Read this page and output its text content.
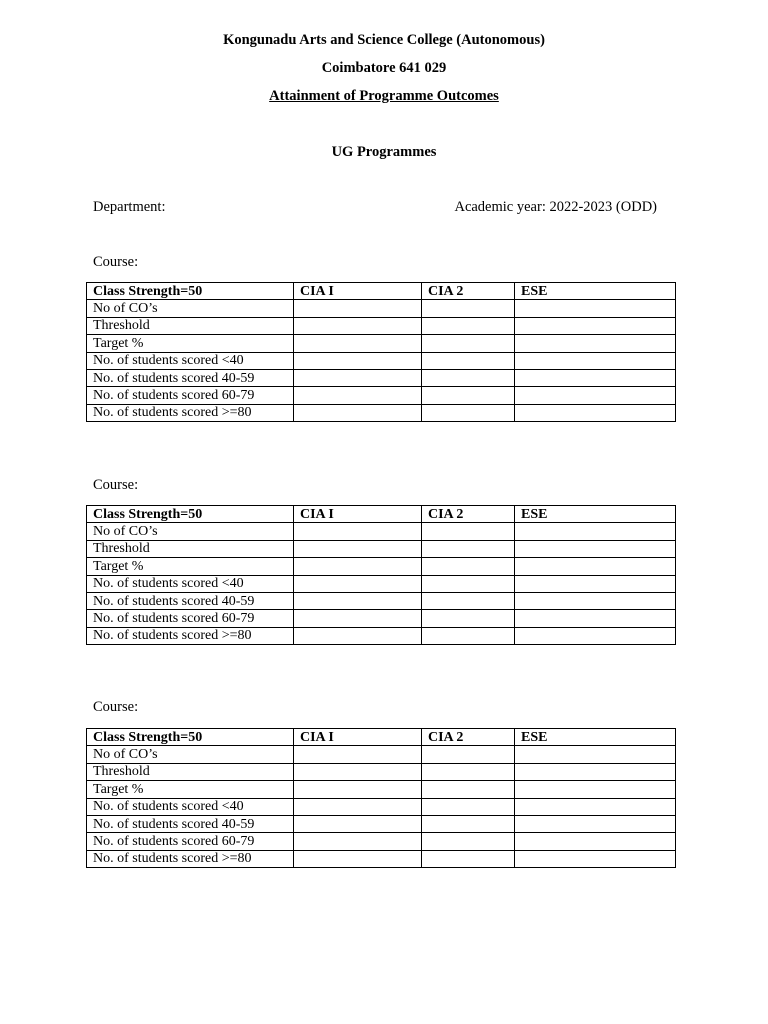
Kongunadu Arts and Science College (Autonomous)
Coimbatore 641 029
Attainment of Programme Outcomes
UG Programmes
Department:	Academic year: 2022-2023 (ODD)
Course:
Class Strength=50	CIA I	CIA 2	ESE
No of CO’s			
Threshold			
Target %			
No. of students scored <40			
No. of students scored 40-59			
No. of students scored 60-79			
No. of students scored >=80			
Course:
Class Strength=50	CIA I	CIA 2	ESE
No of CO’s			
Threshold			
Target %			
No. of students scored <40			
No. of students scored 40-59			
No. of students scored 60-79			
No. of students scored >=80			
Course:
Class Strength=50	CIA I	CIA 2	ESE
No of CO’s			
Threshold			
Target %			
No. of students scored <40			
No. of students scored 40-59			
No. of students scored 60-79			
No. of students scored >=80			
